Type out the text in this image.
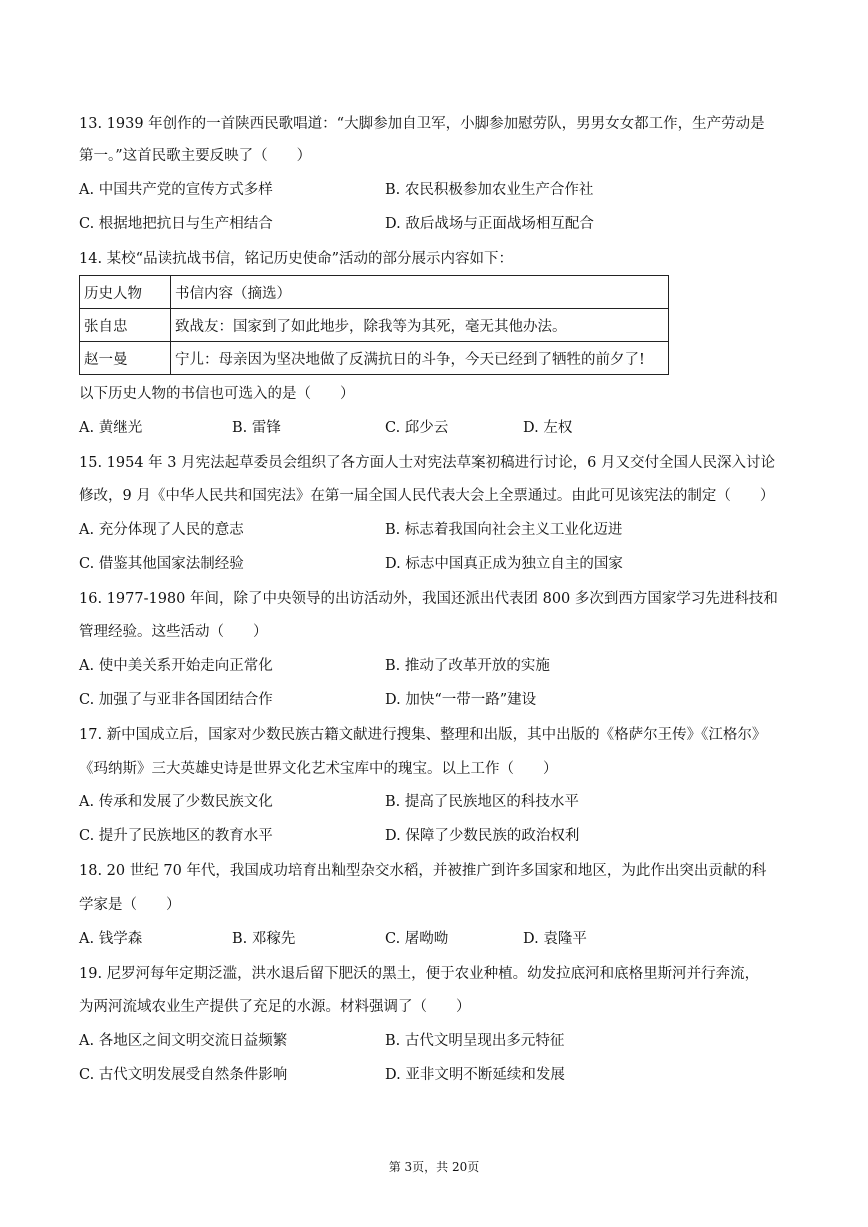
13. 1939 年创作的一首陕西民歌唱道：“大脚参加自卫军，小脚参加慰劳队，男男女女都工作，生产劳动是
第一。”这首民歌主要反映了（　　）
A. 中国共产党的宣传方式多样	B. 农民积极参加农业生产合作社
C. 根据地把抗日与生产相结合	D. 敌后战场与正面战场相互配合
14. 某校“品读抗战书信，铭记历史使命”活动的部分展示内容如下：
历史人物	书信内容（摘选）
张自忠	致战友：国家到了如此地步，除我等为其死，毫无其他办法。
赵一曼	宁儿：母亲因为坚决地做了反满抗日的斗争，今天已经到了牺牲的前夕了!
以下历史人物的书信也可选入的是（　　）
A. 黄继光	B. 雷锋	C. 邱少云	D. 左权
15. 1954 年 3 月宪法起草委员会组织了各方面人士对宪法草案初稿进行讨论，6 月又交付全国人民深入讨论
修改，9 月《中华人民共和国宪法》在第一届全国人民代表大会上全票通过。由此可见该宪法的制定（　　）
A. 充分体现了人民的意志	B. 标志着我国向社会主义工业化迈进
C. 借鉴其他国家法制经验	D. 标志中国真正成为独立自主的国家
16. 1977-1980 年间，除了中央领导的出访活动外，我国还派出代表团 800 多次到西方国家学习先进科技和
管理经验。这些活动（　　）
A. 使中美关系开始走向正常化	B. 推动了改革开放的实施
C. 加强了与亚非各国团结合作	D. 加快“一带一路”建设
17. 新中国成立后，国家对少数民族古籍文献进行搜集、整理和出版，其中出版的《格萨尔王传》《江格尔》
《玛纳斯》三大英雄史诗是世界文化艺术宝库中的瑰宝。以上工作（　　）
A. 传承和发展了少数民族文化	B. 提高了民族地区的科技水平
C. 提升了民族地区的教育水平	D. 保障了少数民族的政治权利
18. 20 世纪 70 年代，我国成功培育出籼型杂交水稻，并被推广到许多国家和地区，为此作出突出贡献的科
学家是（　　）
A. 钱学森	B. 邓稼先	C. 屠呦呦	D. 袁隆平
19. 尼罗河每年定期泛滥，洪水退后留下肥沃的黑土，便于农业种植。幼发拉底河和底格里斯河并行奔流，
为两河流域农业生产提供了充足的水源。材料强调了（　　）
A. 各地区之间文明交流日益频繁	B. 古代文明呈现出多元特征
C. 古代文明发展受自然条件影响	D. 亚非文明不断延续和发展
第 3页，共 20页
